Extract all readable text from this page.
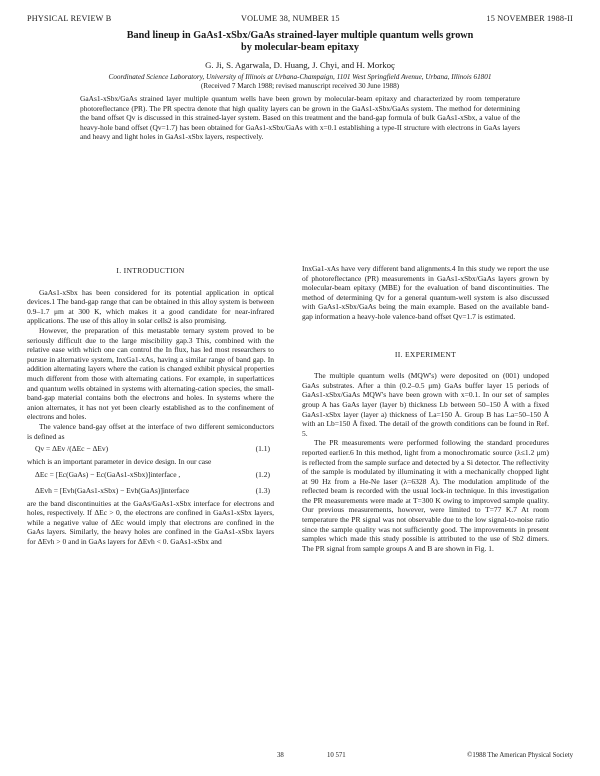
PHYSICAL REVIEW B	VOLUME 38, NUMBER 15	15 NOVEMBER 1988-II
Band lineup in GaAs1-xSbx/GaAs strained-layer multiple quantum wells grown
by molecular-beam epitaxy
G. Ji, S. Agarwala, D. Huang, J. Chyi, and H. Morkoç
Coordinated Science Laboratory, University of Illinois at Urbana-Champaign, 1101 West Springfield Avenue, Urbana, Illinois 61801
(Received 7 March 1988; revised manuscript received 30 June 1988)
GaAs1-xSbx/GaAs strained layer multiple quantum wells have been grown by molecular-beam epitaxy and characterized by room temperature photoreflectance (PR). The PR spectra denote that high quality layers can be grown in the GaAs1-xSbx/GaAs system. The method for determining the band offset Qv is discussed in this strained-layer system. Based on this treatment and the band-gap formula of bulk GaAs1-xSbx, a value of the heavy-hole band offset (Qv=1.7) has been obtained for GaAs1-xSbx/GaAs with x=0.1 establishing a type-II structure with electrons in GaAs layers and heavy and light holes in GaAs1-xSbx layers, respectively.

I. INTRODUCTION

GaAs1-xSbx has been considered for its potential application in optical devices.1 The band-gap range that can be obtained in this alloy system is between 0.9–1.7 μm at 300 K, which makes it a good candidate for near-infrared applications. The use of this alloy in solar cells2 is also promising.

However, the preparation of this metastable ternary system proved to be seriously difficult due to the large miscibility gap.3 This, combined with the relative ease with which one can control the In flux, has led most researchers to pursue in alternative system, InxGa1-xAs, having a similar range of band gap. In addition alternating layers where the cation is changed exhibit physical properties much different from those with alternating cations. For example, in superlattices and quantum wells obtained in systems with alternating-cation species, the small-band-gap material contains both the electrons and holes. In systems where the anion alternates, it has not yet been clearly established as to the confinement of electrons and holes.

The valence band-gay offset at the interface of two different semiconductors is defined as

Qv = ΔEv /(ΔEc − ΔEv)	(1.1)

which is an important parameter in device design. In our case

ΔEc = [Ec(GaAs) − Ec(GaAs1-xSbx)]interface ,	(1.2)
ΔEvh = [Evh(GaAs1-xSbx) − Evh(GaAs)]interface	(1.3)

are the band discontinuities at the GaAs/GaAs1-xSbx interface for electrons and holes, respectively. If ΔEc > 0, the electrons are confined in GaAs1-xSbx layers, while a negative value of ΔEc would imply that electrons are confined in the GaAs layers. Similarly, the heavy holes are confined in the GaAs1-xSbx layers for ΔEvh > 0 and in GaAs layers for ΔEvh < 0. GaAs1-xSbx and

InxGa1-xAs have very different band alignments.4 In this study we report the use of photoreflectance (PR) measurements in GaAs1-xSbx/GaAs layers grown by molecular-beam epitaxy (MBE) for the evaluation of band discontinuities. The method of determining Qv for a general quantum-well system is also discussed with GaAs1-xSbx/GaAs being the main example. Based on the available band-gap information a heavy-hole valence-band offset Qv=1.7 is estimated.

II. EXPERIMENT

The multiple quantum wells (MQW's) were deposited on (001) undoped GaAs substrates. After a thin (0.2–0.5 μm) GaAs buffer layer 15 periods of GaAs1-xSbx/GaAs MQW's have been grown with x=0.1. In our set of samples group A has GaAs layer (layer b) thickness Lb between 50–150 Å with a fixed GaAs1-xSbx layer (layer a) thickness of La=150 Å. Group B has La=50–150 Å with an Lb=150 Å fixed. The detail of the growth conditions can be found in Ref. 5.

The PR measurements were performed following the standard procedures reported earlier.6 In this method, light from a monochromatic source (λ≤1.2 μm) is reflected from the sample surface and detected by a Si detector. The reflectivity of the sample is modulated by illuminating it with a mechanically chopped light at 90 Hz from a He-Ne laser (λ=6328 Å). The modulation amplitude of the reflected beam is recorded with the usual lock-in technique. In this investigation the PR measurements were made at T=300 K owing to improved sample quality. Our previous measurements, however, were limited to T=77 K.7 At room temperature the PR signal was not observable due to the low signal-to-noise ratio since the sample quality was not sufficiently good. The improvements in present samples which made this study possible is attributed to the use of Sb2 dimers. The PR signal from sample groups A and B are shown in Fig. 1.

38	10 571	©1988 The American Physical Society
